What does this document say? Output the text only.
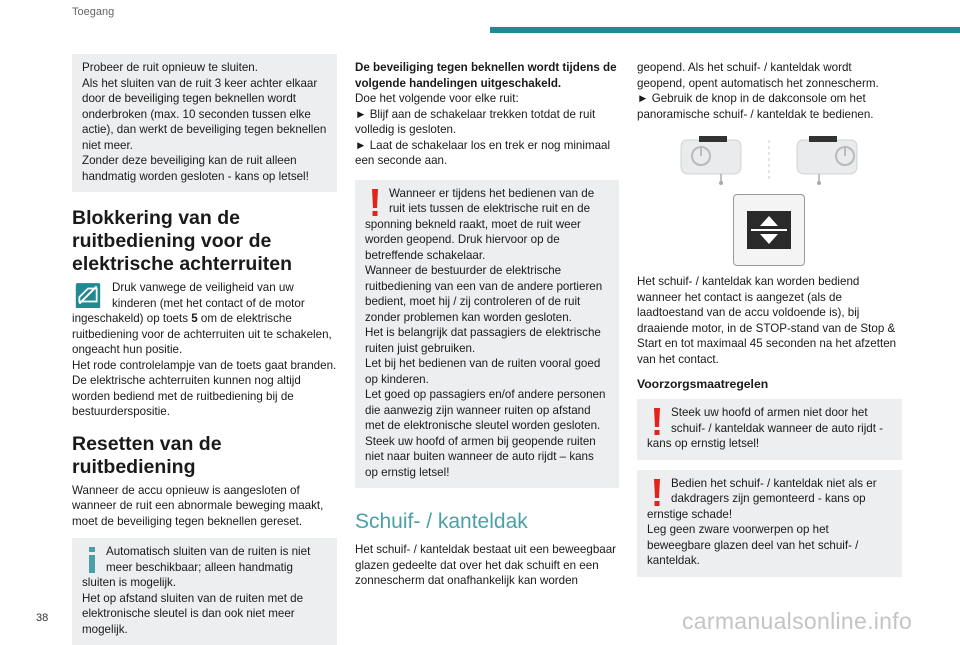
Toegang

Probeer de ruit opnieuw te sluiten.

Als het sluiten van de ruit 3 keer achter elkaar door de beveiliging tegen beknellen wordt onderbroken (max. 10 seconden tussen elke actie), dan werkt de beveiliging tegen beknellen niet meer.

Zonder deze beveiliging kan de ruit alleen handmatig worden gesloten - kans op letsel!

Blokkering van de ruitbediening voor de elektrische achterruiten

Druk vanwege de veiligheid van uw kinderen (met het contact of de motor ingeschakeld) op toets 5 om de elektrische ruitbediening voor de achterruiten uit te schakelen, ongeacht hun positie.

Het rode controlelampje van de toets gaat branden.

De elektrische achterruiten kunnen nog altijd worden bediend met de ruitbediening bij de bestuurderspositie.

Resetten van de ruitbediening

Wanneer de accu opnieuw is aangesloten of wanneer de ruit een abnormale beweging maakt, moet de beveiliging tegen beknellen gereset.

Automatisch sluiten van de ruiten is niet meer beschikbaar; alleen handmatig sluiten is mogelijk.

Het op afstand sluiten van de ruiten met de elektronische sleutel is dan ook niet meer mogelijk.

De beveiliging tegen beknellen wordt tijdens de volgende handelingen uitgeschakeld.

Doe het volgende voor elke ruit:

► Blijf aan de schakelaar trekken totdat de ruit volledig is gesloten.

► Laat de schakelaar los en trek er nog minimaal een seconde aan.

Wanneer er tijdens het bedienen van de ruit iets tussen de elektrische ruit en de sponning bekneld raakt, moet de ruit weer worden geopend. Druk hiervoor op de betreffende schakelaar.

Wanneer de bestuurder de elektrische ruitbediening van een van de andere portieren bedient, moet hij / zij controleren of de ruit zonder problemen kan worden gesloten.

Het is belangrijk dat passagiers de elektrische ruiten juist gebruiken.

Let bij het bedienen van de ruiten vooral goed op kinderen.

Let goed op passagiers en/of andere personen die aanwezig zijn wanneer ruiten op afstand met de elektronische sleutel worden gesloten.

Steek uw hoofd of armen bij geopende ruiten niet naar buiten wanneer de auto rijdt – kans op ernstig letsel!

Schuif- / kanteldak

Het schuif- / kanteldak bestaat uit een beweegbaar glazen gedeelte dat over het dak schuift en een zonnescherm dat onafhankelijk kan worden

geopend. Als het schuif- / kanteldak wordt geopend, opent automatisch het zonnescherm.

► Gebruik de knop in de dakconsole om het panoramische schuif- / kanteldak te bedienen.

Het schuif- / kanteldak kan worden bediend wanneer het contact is aangezet (als de laadtoestand van de accu voldoende is), bij draaiende motor, in de STOP-stand van de Stop & Start en tot maximaal 45 seconden na het afzetten van het contact.

Voorzorgsmaatregelen

Steek uw hoofd of armen niet door het schuif- / kanteldak wanneer de auto rijdt - kans op ernstig letsel!

Bedien het schuif- / kanteldak niet als er dakdragers zijn gemonteerd - kans op ernstige schade!

Leg geen zware voorwerpen op het beweegbare glazen deel van het schuif- / kanteldak.

38	carmanualsonline.info
